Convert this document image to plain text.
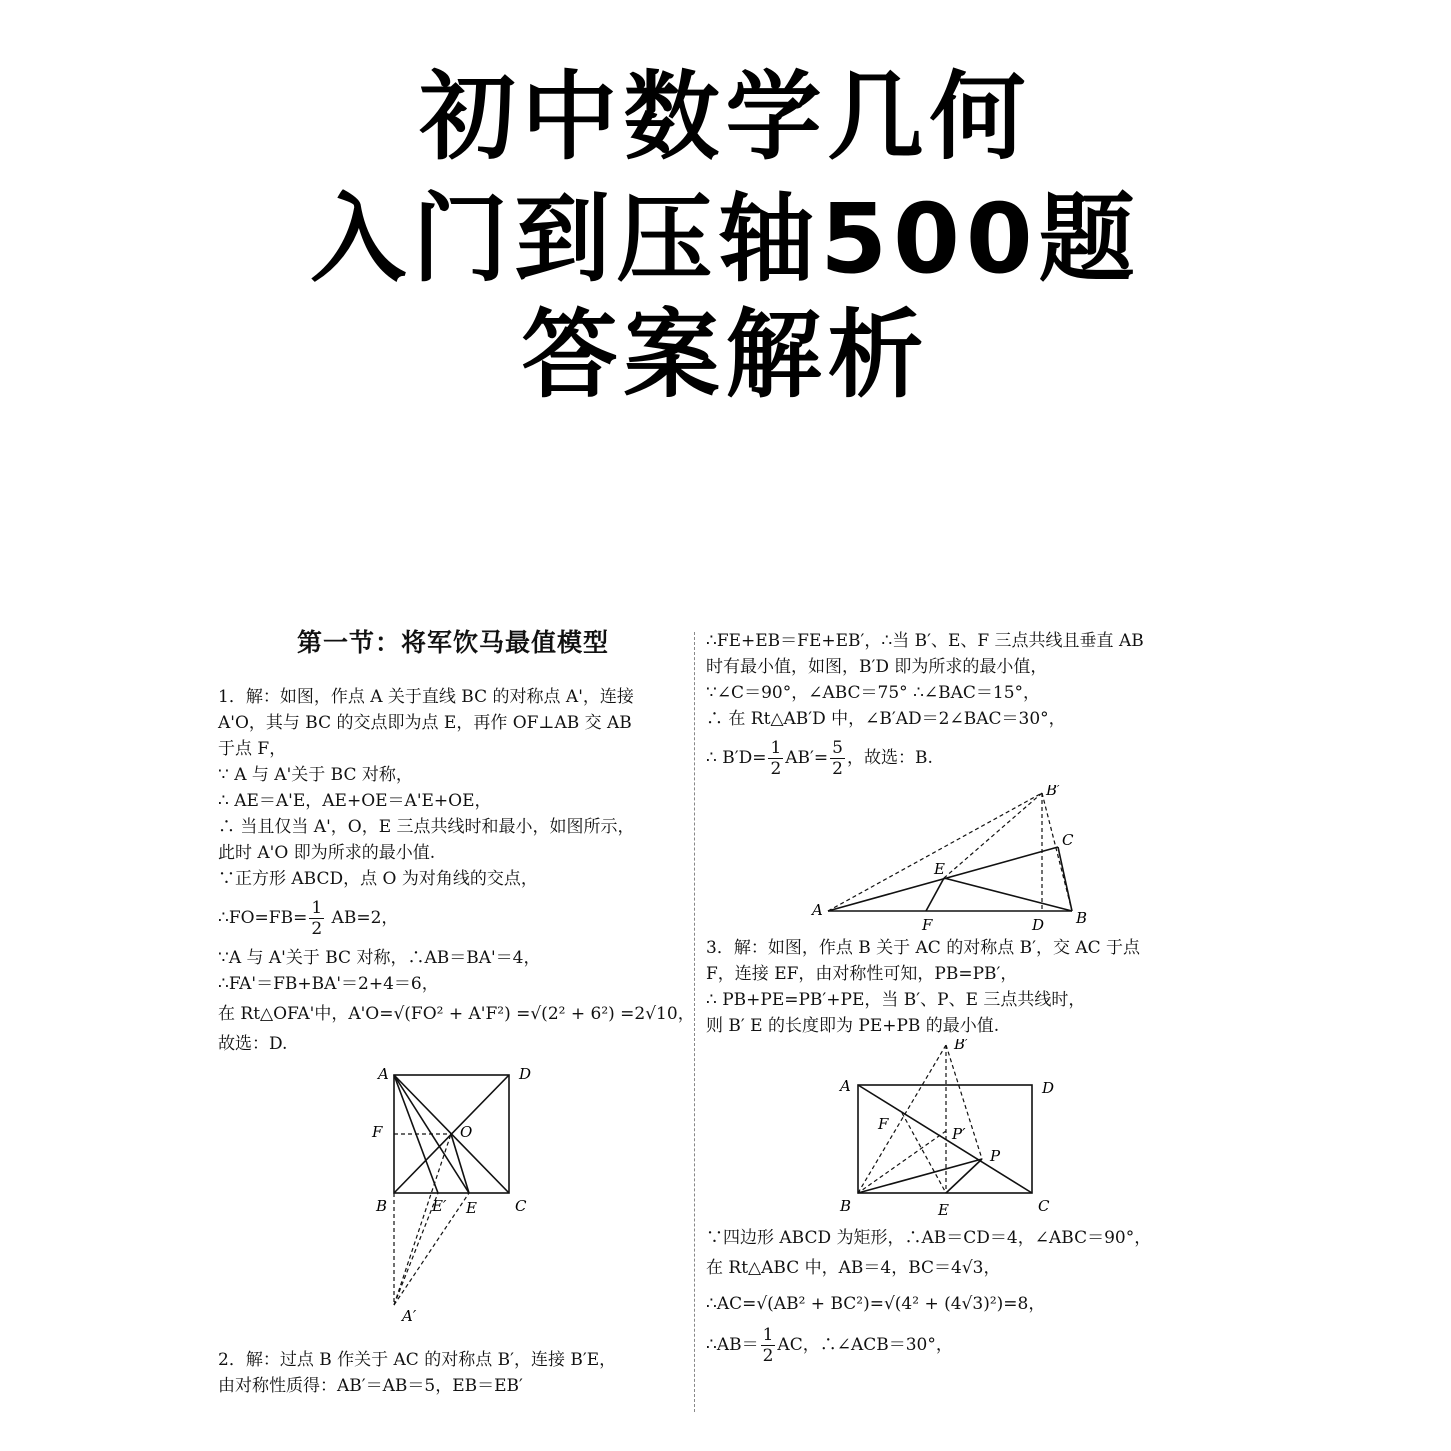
初中数学几何
入门到压轴500题
答案解析
第一节：将军饮马最值模型
1．解：如图，作点 A 关于直线 BC 的对称点 A'，连接
A'O，其与 BC 的交点即为点 E，再作 OF⊥AB 交 AB
于点 F，
∵ A 与 A'关于 BC 对称，
∴ AE＝A'E，AE+OE＝A'E+OE，
∴ 当且仅当 A'，O，E 三点共线时和最小，如图所示，
此时 A'O 即为所求的最小值.
∵正方形 ABCD，点 O 为对角线的交点，
∴FO=FB= $\frac{1}{2} AB=2$，
∵A 与 A'关于 BC 对称，∴AB＝BA'＝4，
∴FA'＝FB+BA'＝2+4＝6，
在 Rt△OFA'中，A'O=√(FO² + A'F²) =√(2² + 6²) =2√10，
故选：D.
A	D
F	O
B	E′ E	C
A′
2．解：过点 B 作关于 AC 的对称点 B′，连接 B′E，
由对称性质得：AB′＝AB＝5，EB＝EB′
∴FE+EB＝FE+EB′，∴当 B′、E、F 三点共线且垂直 AB
时有最小值，如图，B′D 即为所求的最小值，
∵∠C＝90°，∠ABC＝75° ∴∠BAC＝15°，
∴ 在 Rt△AB′D 中，∠B′AD＝2∠BAC＝30°，
∴ $B'D= \frac{1}{2} AB'= \frac{5}{2}$ ，故选：B.
B′
C
E
A
F	D B
3．解：如图，作点 B 关于 AC 的对称点 B′，交 AC 于点
F，连接 EF，由对称性可知，PB=PB′，
∴ PB+PE=PB′+PE，当 B′、P、E 三点共线时，
则 B′ E 的长度即为 PE+PB 的最小值.
B′
A	D
F
P′
P
B	E	C
∵四边形 ABCD 为矩形，∴AB＝CD＝4，∠ABC＝90°，
在 Rt△ABC 中，AB＝4，BC＝4√3，
∴AC=√(AB² + BC²)=√(4² + (4√3)²)=8，
∴AB＝ $\frac{1}{2}$ AC，∴∠ACB＝30°，
